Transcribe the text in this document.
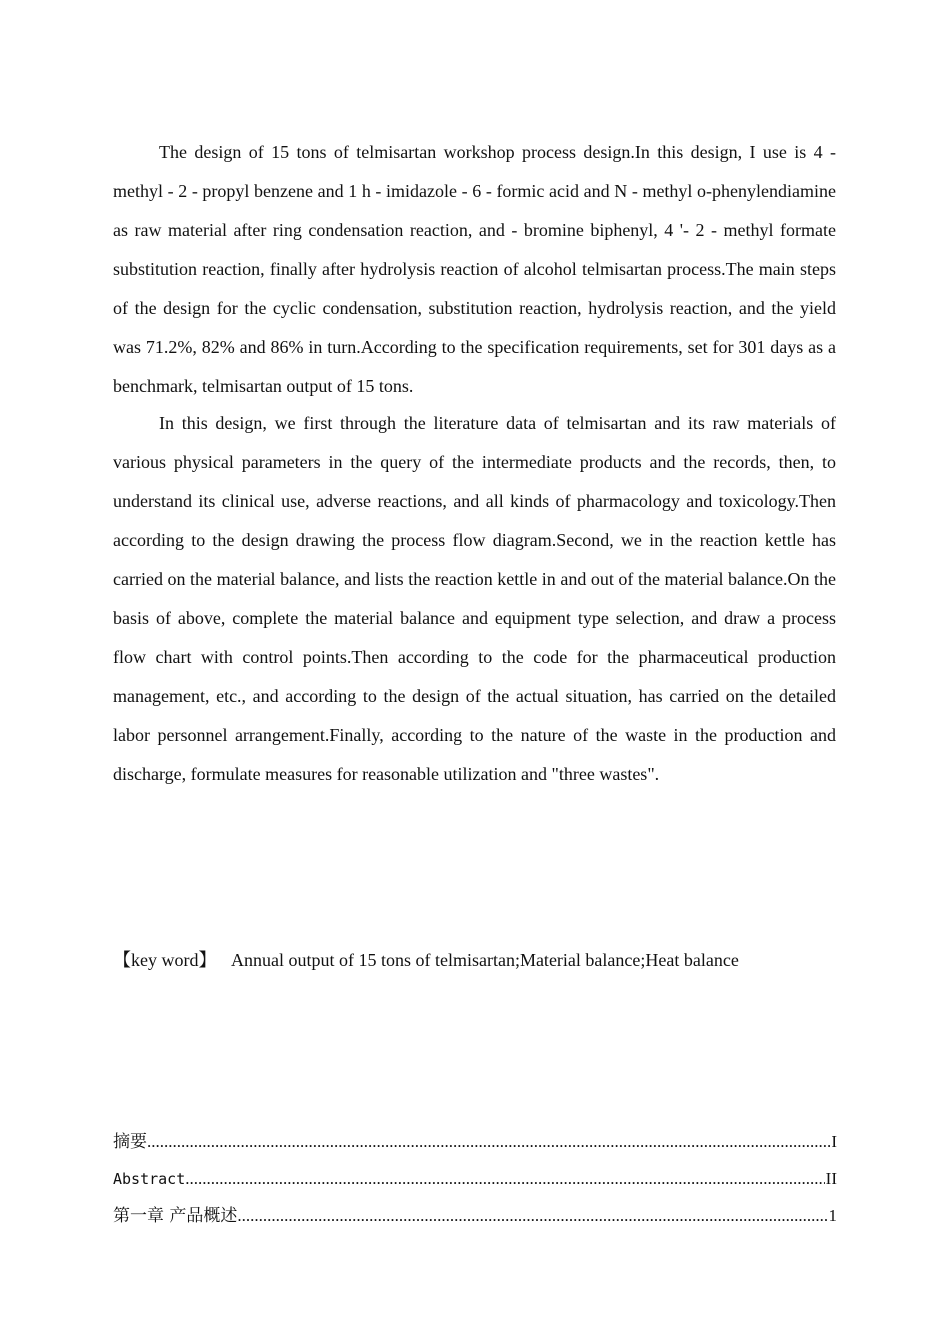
The design of 15 tons of telmisartan workshop process design.In this design, I use is 4 - methyl - 2 - propyl benzene and 1 h - imidazole - 6 - formic acid and N - methyl o-phenylendiamine as raw material after ring condensation reaction, and - bromine biphenyl, 4 '- 2 - methyl formate substitution reaction, finally after hydrolysis reaction of alcohol telmisartan process.The main steps of the design for the cyclic condensation, substitution reaction, hydrolysis reaction, and the yield was 71.2%, 82% and 86% in turn.According to the specification requirements, set for 301 days as a benchmark, telmisartan output of 15 tons.

In this design, we first through the literature data of telmisartan and its raw materials of various physical parameters in the query of the intermediate products and the records, then, to understand its clinical use, adverse reactions, and all kinds of pharmacology and toxicology.Then according to the design drawing the process flow diagram.Second, we in the reaction kettle has carried on the material balance, and lists the reaction kettle in and out of the material balance.On the basis of above, complete the material balance and equipment type selection, and draw a process flow chart with control points.Then according to the code for the pharmaceutical production management, etc., and according to the design of the actual situation, has carried on the detailed labor personnel arrangement.Finally, according to the nature of the waste in the production and discharge, formulate measures for reasonable utilization and "three wastes".

【key word】 Annual output of 15 tons of telmisartan;Material balance;Heat balance
摘要 .....	I
Abstract .....	II
第一章 产品概述 .....	1
